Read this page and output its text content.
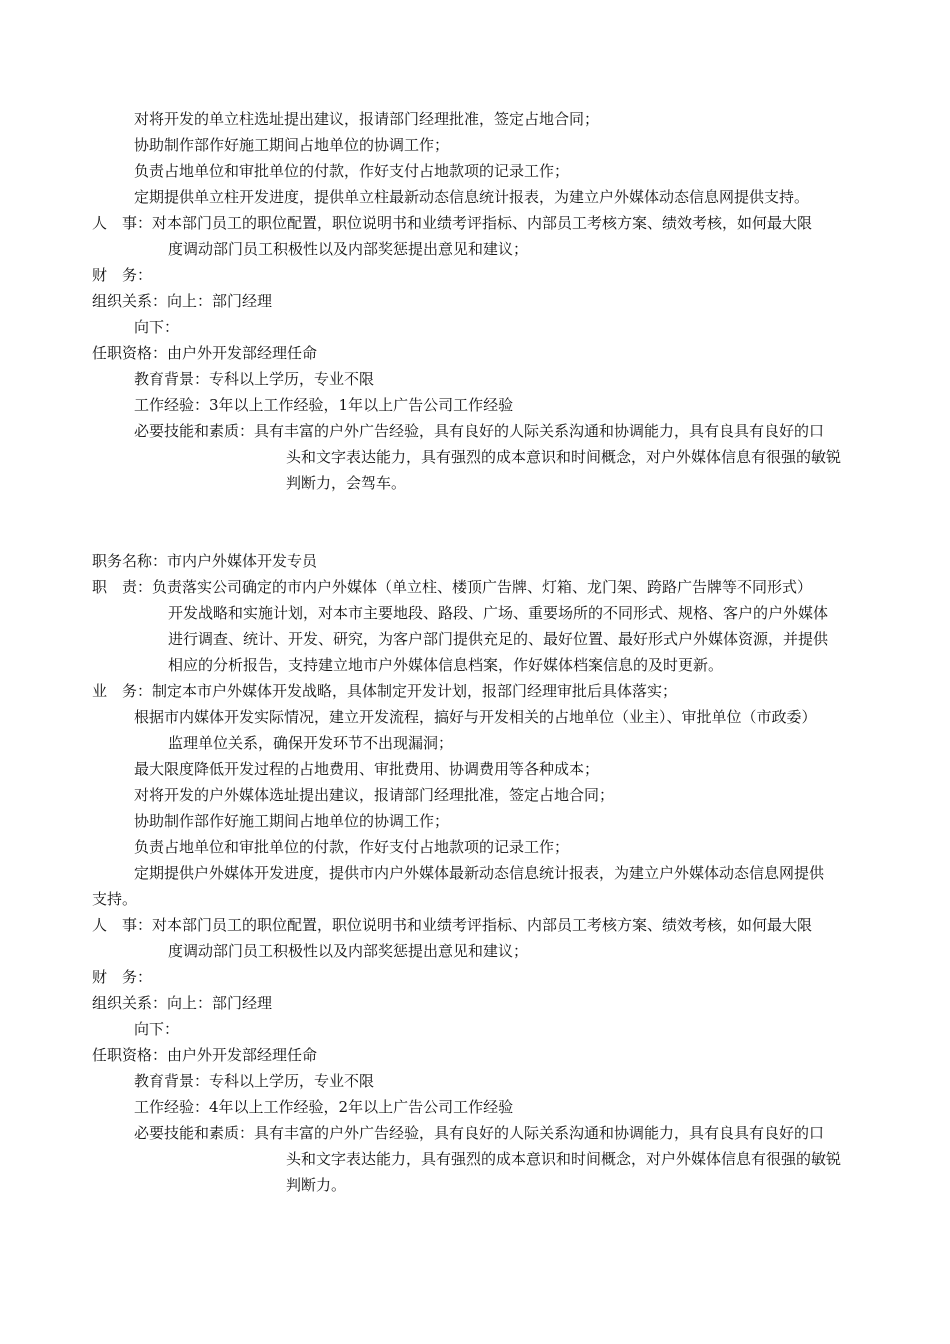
对将开发的单立柱选址提出建议，报请部门经理批准，签定占地合同；
协助制作部作好施工期间占地单位的协调工作；
负责占地单位和审批单位的付款，作好支付占地款项的记录工作；
定期提供单立柱开发进度，提供单立柱最新动态信息统计报表，为建立户外媒体动态信息网提供支持。
人　事：对本部门员工的职位配置，职位说明书和业绩考评指标、内部员工考核方案、绩效考核，如何最大限
度调动部门员工积极性以及内部奖惩提出意见和建议；
财　务：
组织关系：向上：部门经理
向下：
任职资格：由户外开发部经理任命
教育背景：专科以上学历，专业不限
工作经验：3年以上工作经验，1年以上广告公司工作经验
必要技能和素质：具有丰富的户外广告经验，具有良好的人际关系沟通和协调能力，具有良具有良好的口
头和文字表达能力，具有强烈的成本意识和时间概念，对户外媒体信息有很强的敏锐
判断力，会驾车。
职务名称：市内户外媒体开发专员
职　责：负责落实公司确定的市内户外媒体（单立柱、楼顶广告牌、灯箱、龙门架、跨路广告牌等不同形式）
开发战略和实施计划，对本市主要地段、路段、广场、重要场所的不同形式、规格、客户的户外媒体
进行调查、统计、开发、研究，为客户部门提供充足的、最好位置、最好形式户外媒体资源，并提供
相应的分析报告，支持建立地市户外媒体信息档案，作好媒体档案信息的及时更新。
业　务：制定本市户外媒体开发战略，具体制定开发计划，报部门经理审批后具体落实；
根据市内媒体开发实际情况，建立开发流程，搞好与开发相关的占地单位（业主）、审批单位（市政委）
监理单位关系，确保开发环节不出现漏洞；
最大限度降低开发过程的占地费用、审批费用、协调费用等各种成本；
对将开发的户外媒体选址提出建议，报请部门经理批准，签定占地合同；
协助制作部作好施工期间占地单位的协调工作；
负责占地单位和审批单位的付款，作好支付占地款项的记录工作；
定期提供户外媒体开发进度，提供市内户外媒体最新动态信息统计报表，为建立户外媒体动态信息网提供
支持。
人　事：对本部门员工的职位配置，职位说明书和业绩考评指标、内部员工考核方案、绩效考核，如何最大限
度调动部门员工积极性以及内部奖惩提出意见和建议；
财　务：
组织关系：向上：部门经理
向下：
任职资格：由户外开发部经理任命
教育背景：专科以上学历，专业不限
工作经验：4年以上工作经验，2年以上广告公司工作经验
必要技能和素质：具有丰富的户外广告经验，具有良好的人际关系沟通和协调能力，具有良具有良好的口
头和文字表达能力，具有强烈的成本意识和时间概念，对户外媒体信息有很强的敏锐
判断力。
